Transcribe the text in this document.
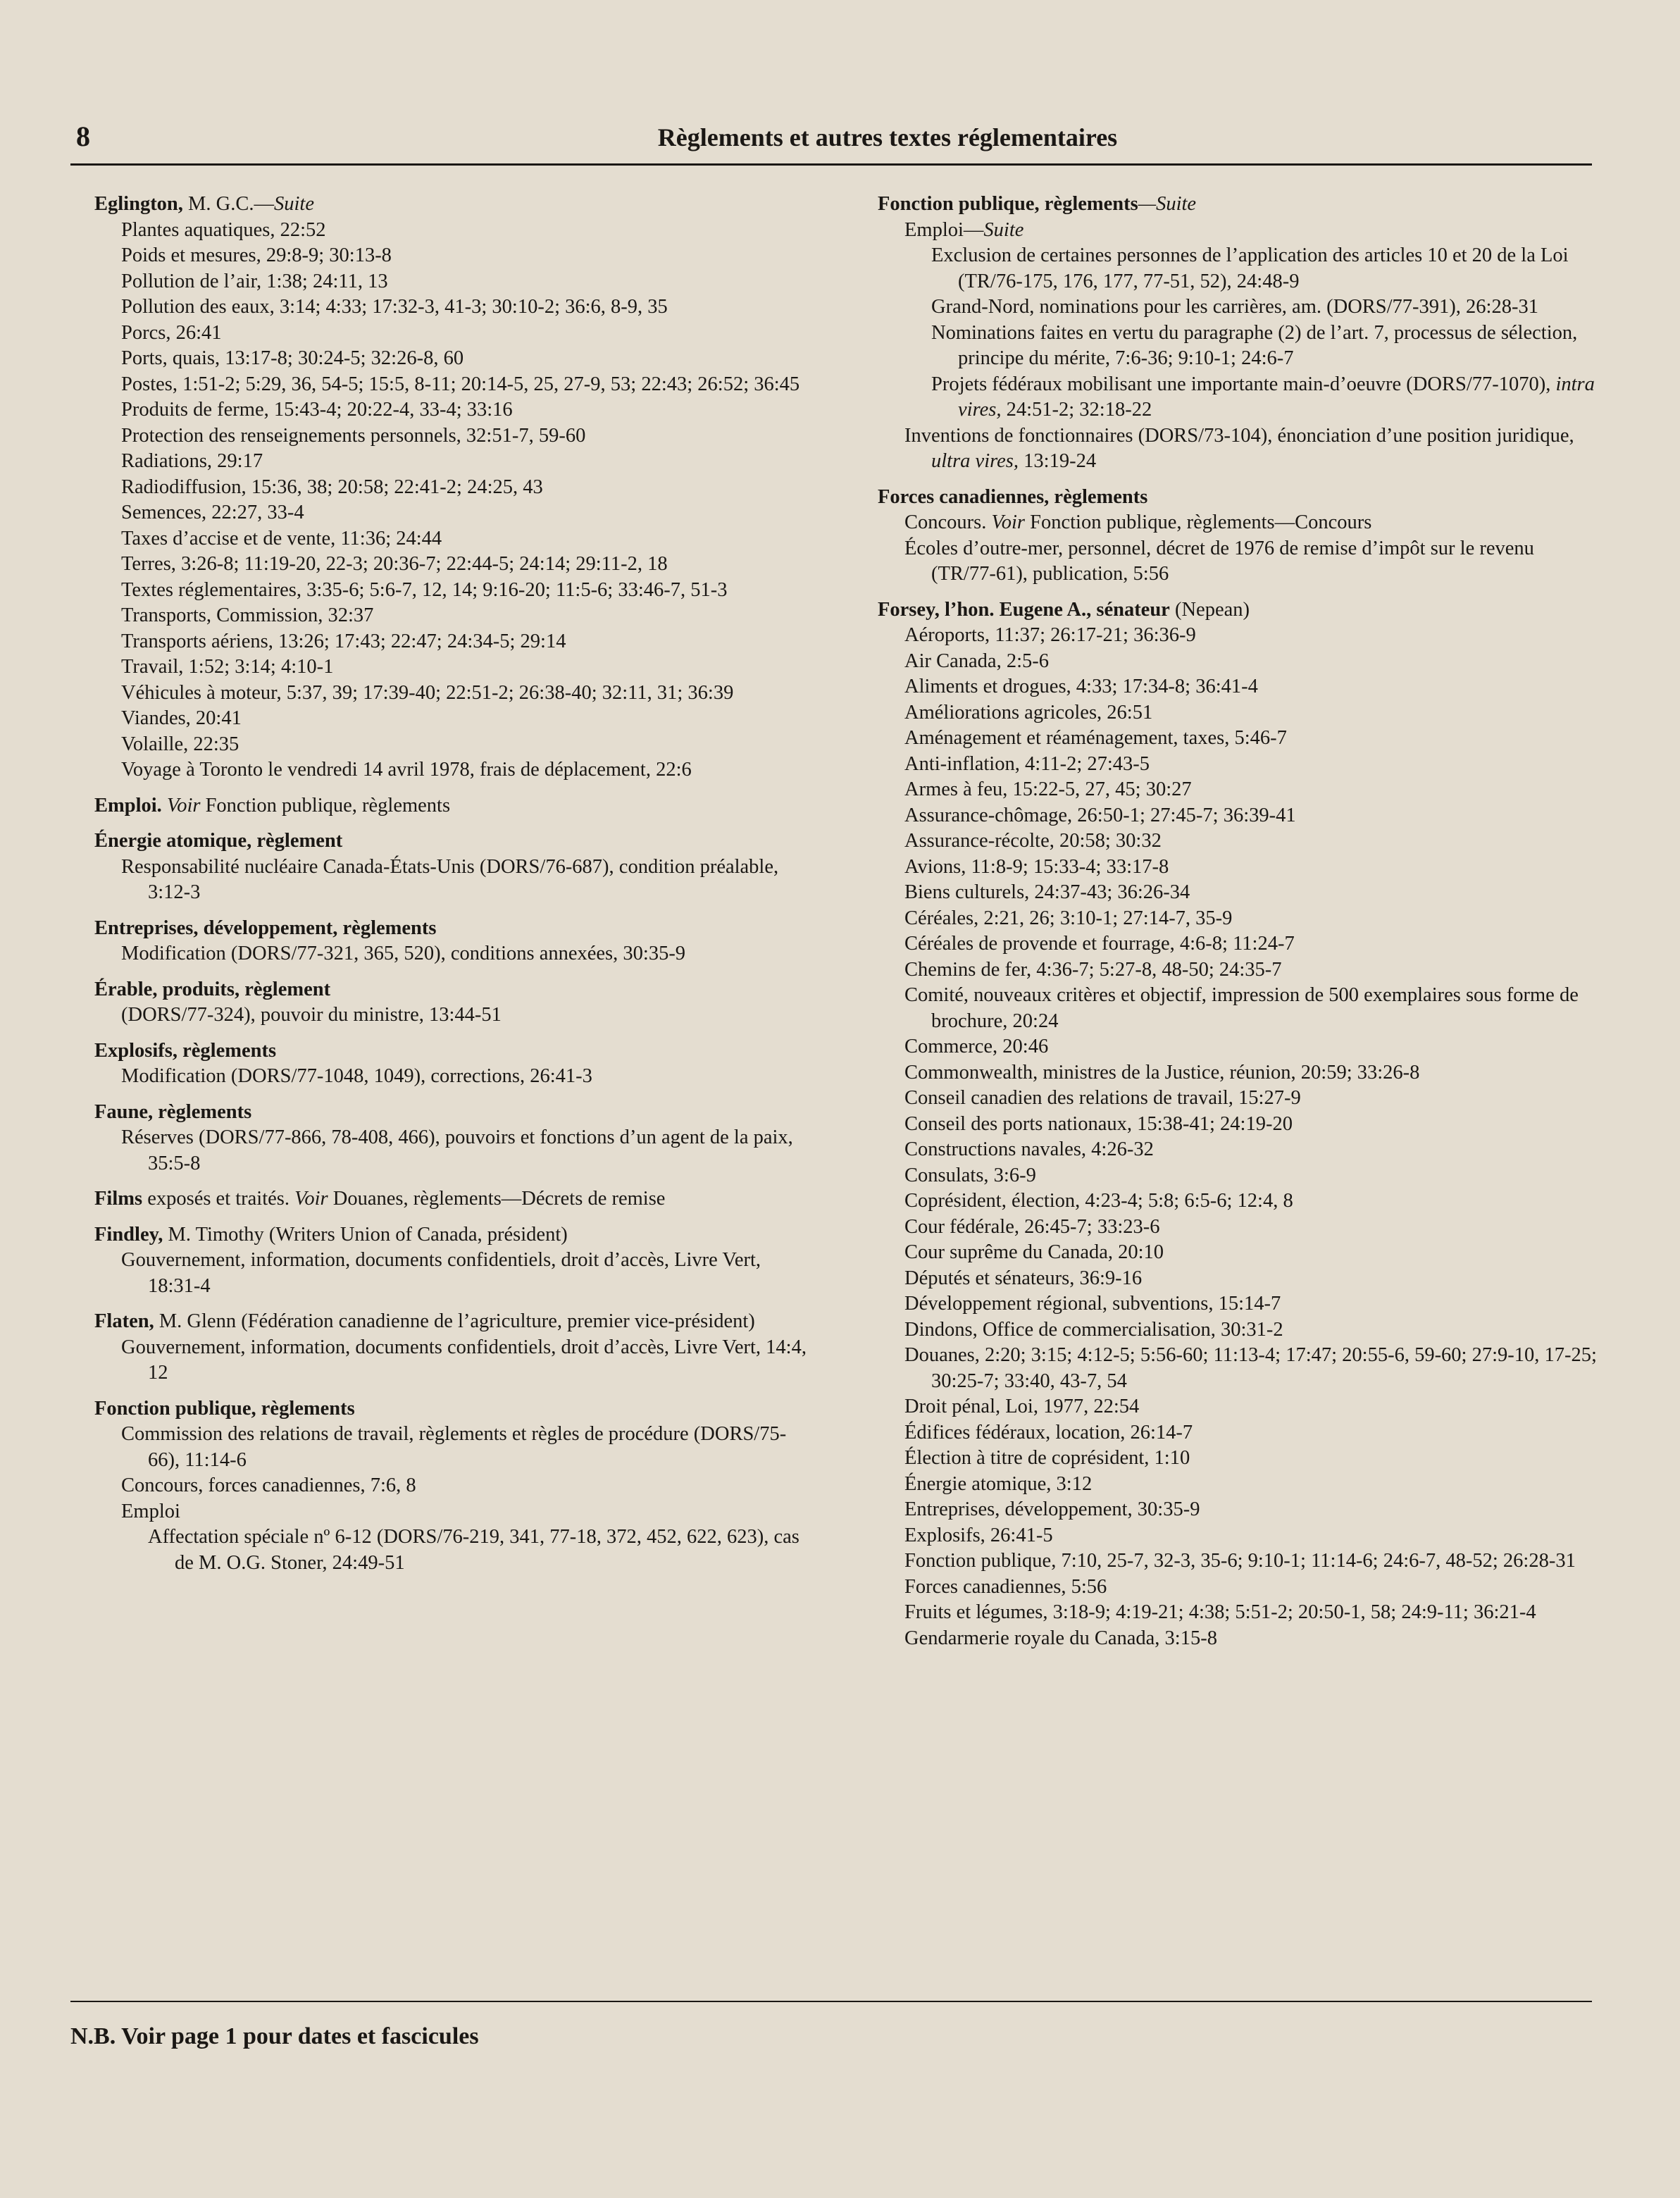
8	Règlements et autres textes réglementaires
Eglington, M. G.C.—Suite
Plantes aquatiques, 22:52
Poids et mesures, 29:8-9; 30:13-8
Pollution de l’air, 1:38; 24:11, 13
Pollution des eaux, 3:14; 4:33; 17:32-3, 41-3; 30:10-2; 36:6, 8-9, 35
Porcs, 26:41
Ports, quais, 13:17-8; 30:24-5; 32:26-8, 60
Postes, 1:51-2; 5:29, 36, 54-5; 15:5, 8-11; 20:14-5, 25, 27-9, 53; 22:43; 26:52; 36:45
Produits de ferme, 15:43-4; 20:22-4, 33-4; 33:16
Protection des renseignements personnels, 32:51-7, 59-60
Radiations, 29:17
Radiodiffusion, 15:36, 38; 20:58; 22:41-2; 24:25, 43
Semences, 22:27, 33-4
Taxes d’accise et de vente, 11:36; 24:44
Terres, 3:26-8; 11:19-20, 22-3; 20:36-7; 22:44-5; 24:14; 29:11-2, 18
Textes réglementaires, 3:35-6; 5:6-7, 12, 14; 9:16-20; 11:5-6; 33:46-7, 51-3
Transports, Commission, 32:37
Transports aériens, 13:26; 17:43; 22:47; 24:34-5; 29:14
Travail, 1:52; 3:14; 4:10-1
Véhicules à moteur, 5:37, 39; 17:39-40; 22:51-2; 26:38-40; 32:11, 31; 36:39
Viandes, 20:41
Volaille, 22:35
Voyage à Toronto le vendredi 14 avril 1978, frais de déplacement, 22:6
Emploi. Voir Fonction publique, règlements
Énergie atomique, règlement
Responsabilité nucléaire Canada-États-Unis (DORS/76-687), condition préalable, 3:12-3
Entreprises, développement, règlements
Modification (DORS/77-321, 365, 520), conditions annexées, 30:35-9
Érable, produits, règlement
(DORS/77-324), pouvoir du ministre, 13:44-51
Explosifs, règlements
Modification (DORS/77-1048, 1049), corrections, 26:41-3
Faune, règlements
Réserves (DORS/77-866, 78-408, 466), pouvoirs et fonctions d’un agent de la paix, 35:5-8
Films exposés et traités. Voir Douanes, règlements—Décrets de remise
Findley, M. Timothy (Writers Union of Canada, président)
Gouvernement, information, documents confidentiels, droit d’accès, Livre Vert, 18:31-4
Flaten, M. Glenn (Fédération canadienne de l’agriculture, premier vice-président)
Gouvernement, information, documents confidentiels, droit d’accès, Livre Vert, 14:4, 12
Fonction publique, règlements
Commission des relations de travail, règlements et règles de procédure (DORS/75-66), 11:14-6
Concours, forces canadiennes, 7:6, 8
Emploi
Affectation spéciale nº 6-12 (DORS/76-219, 341, 77-18, 372, 452, 622, 623), cas de M. O.G. Stoner, 24:49-51
Fonction publique, règlements—Suite
Emploi—Suite
Exclusion de certaines personnes de l’application des articles 10 et 20 de la Loi (TR/76-175, 176, 177, 77-51, 52), 24:48-9
Grand-Nord, nominations pour les carrières, am. (DORS/77-391), 26:28-31
Nominations faites en vertu du paragraphe (2) de l’art. 7, processus de sélection, principe du mérite, 7:6-36; 9:10-1; 24:6-7
Projets fédéraux mobilisant une importante main-d’oeuvre (DORS/77-1070), intra vires, 24:51-2; 32:18-22
Inventions de fonctionnaires (DORS/73-104), énonciation d’une position juridique, ultra vires, 13:19-24
Forces canadiennes, règlements
Concours. Voir Fonction publique, règlements—Concours
Écoles d’outre-mer, personnel, décret de 1976 de remise d’impôt sur le revenu (TR/77-61), publication, 5:56
Forsey, l’hon. Eugene A., sénateur (Nepean)
Aéroports, 11:37; 26:17-21; 36:36-9
Air Canada, 2:5-6
Aliments et drogues, 4:33; 17:34-8; 36:41-4
Améliorations agricoles, 26:51
Aménagement et réaménagement, taxes, 5:46-7
Anti-inflation, 4:11-2; 27:43-5
Armes à feu, 15:22-5, 27, 45; 30:27
Assurance-chômage, 26:50-1; 27:45-7; 36:39-41
Assurance-récolte, 20:58; 30:32
Avions, 11:8-9; 15:33-4; 33:17-8
Biens culturels, 24:37-43; 36:26-34
Céréales, 2:21, 26; 3:10-1; 27:14-7, 35-9
Céréales de provende et fourrage, 4:6-8; 11:24-7
Chemins de fer, 4:36-7; 5:27-8, 48-50; 24:35-7
Comité, nouveaux critères et objectif, impression de 500 exemplaires sous forme de brochure, 20:24
Commerce, 20:46
Commonwealth, ministres de la Justice, réunion, 20:59; 33:26-8
Conseil canadien des relations de travail, 15:27-9
Conseil des ports nationaux, 15:38-41; 24:19-20
Constructions navales, 4:26-32
Consulats, 3:6-9
Coprésident, élection, 4:23-4; 5:8; 6:5-6; 12:4, 8
Cour fédérale, 26:45-7; 33:23-6
Cour suprême du Canada, 20:10
Députés et sénateurs, 36:9-16
Développement régional, subventions, 15:14-7
Dindons, Office de commercialisation, 30:31-2
Douanes, 2:20; 3:15; 4:12-5; 5:56-60; 11:13-4; 17:47; 20:55-6, 59-60; 27:9-10, 17-25; 30:25-7; 33:40, 43-7, 54
Droit pénal, Loi, 1977, 22:54
Édifices fédéraux, location, 26:14-7
Élection à titre de coprésident, 1:10
Énergie atomique, 3:12
Entreprises, développement, 30:35-9
Explosifs, 26:41-5
Fonction publique, 7:10, 25-7, 32-3, 35-6; 9:10-1; 11:14-6; 24:6-7, 48-52; 26:28-31
Forces canadiennes, 5:56
Fruits et légumes, 3:18-9; 4:19-21; 4:38; 5:51-2; 20:50-1, 58; 24:9-11; 36:21-4
Gendarmerie royale du Canada, 3:15-8
N.B. Voir page 1 pour dates et fascicules
